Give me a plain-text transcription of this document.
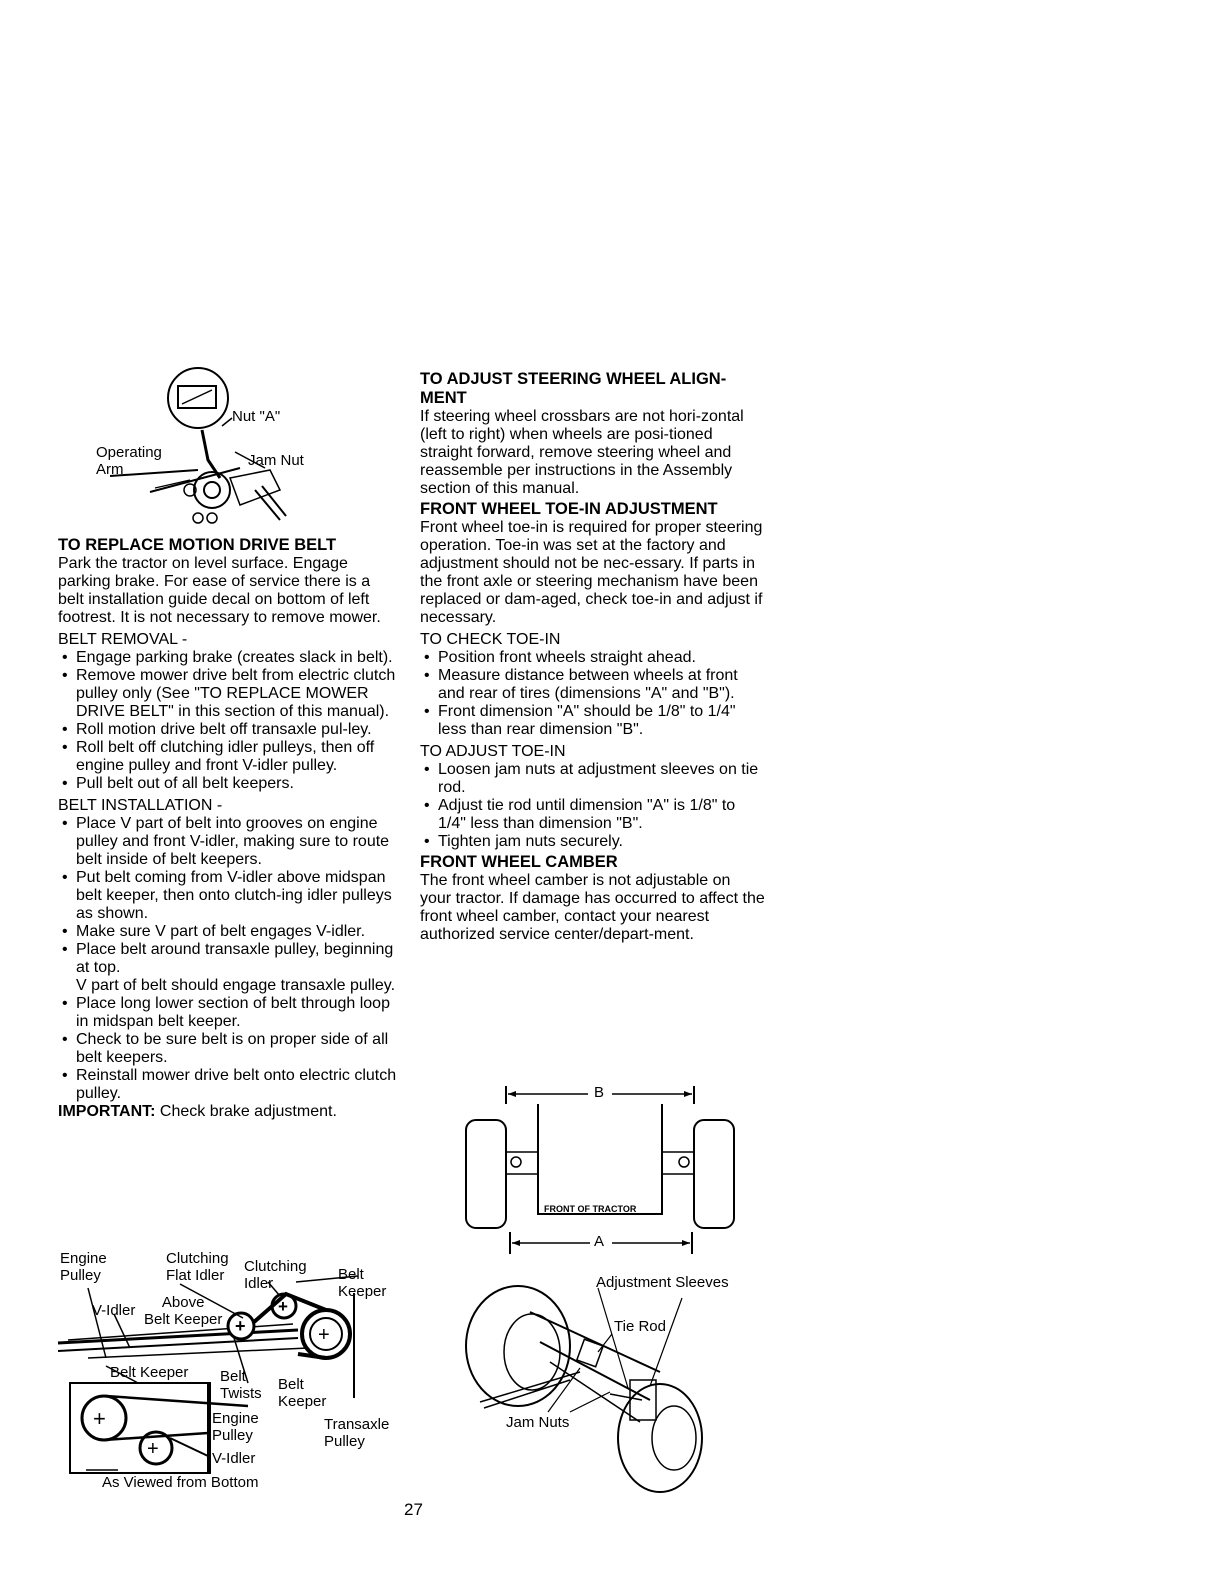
Nut "A"
Operating
Arm
Jam Nut

TO REPLACE MOTION DRIVE BELT

Park the tractor on level surface. Engage parking brake. For ease of service there is a belt installation guide decal on bottom of left footrest. It is not necessary to remove mower.

BELT REMOVAL -

• Engage parking brake (creates slack in belt).
• Remove mower drive belt from electric clutch pulley only (See "TO REPLACE MOWER DRIVE BELT" in this section of this manual).
• Roll motion drive belt off transaxle pul-ley.
• Roll belt off clutching idler pulleys, then off engine pulley and front V-idler pulley.
• Pull belt out of all belt keepers.

BELT INSTALLATION -

• Place V part of belt into grooves on engine pulley and front V-idler, making sure to route belt inside of belt keepers.
• Put belt coming from V-idler above midspan belt keeper, then onto clutch-ing idler pulleys as shown.
• Make sure V part of belt engages V-idler.
• Place belt around transaxle pulley, beginning at top.
V part of belt should engage transaxle pulley.
• Place long lower section of belt through loop in midspan belt keeper.
• Check to be sure belt is on proper side of all belt keepers.
• Reinstall mower drive belt onto electric clutch pulley.

IMPORTANT: Check brake adjustment.

+
+
+
+
+
Engine
Pulley
Clutching
Flat Idler
Clutching
Idler
Belt
Keeper
V-Idler	Above
Belt Keeper
Belt Keeper Belt
Twists
Belt
Keeper
Engine
Pulley
V-Idler
Transaxle
Pulley
As Viewed from Bottom

TO ADJUST STEERING WHEEL ALIGN-
MENT

If steering wheel crossbars are not hori-zontal (left to right) when wheels are posi-tioned straight forward, remove steering wheel and reassemble per instructions in the Assembly section of this manual.

FRONT WHEEL TOE-IN ADJUSTMENT

Front wheel toe-in is required for proper steering operation. Toe-in was set at the factory and adjustment should not be nec-essary. If parts in the front axle or steering mechanism have been replaced or dam-aged, check toe-in and adjust if necessary.

TO CHECK TOE-IN

• Position front wheels straight ahead.
• Measure distance between wheels at front and rear of tires (dimensions "A" and "B").
• Front dimension "A" should be 1/8" to 1/4" less than rear dimension "B".

TO ADJUST TOE-IN

• Loosen jam nuts at adjustment sleeves on tie rod.
• Adjust tie rod until dimension "A" is 1/8" to 1/4" less than dimension "B".
• Tighten jam nuts securely.

FRONT WHEEL CAMBER

The front wheel camber is not adjustable on your tractor. If damage has occurred to affect the front wheel camber, contact your nearest authorized service center/depart-ment.

B
A
FRONT OF TRACTOR
Adjustment Sleeves
Tie Rod
Jam Nuts
27
